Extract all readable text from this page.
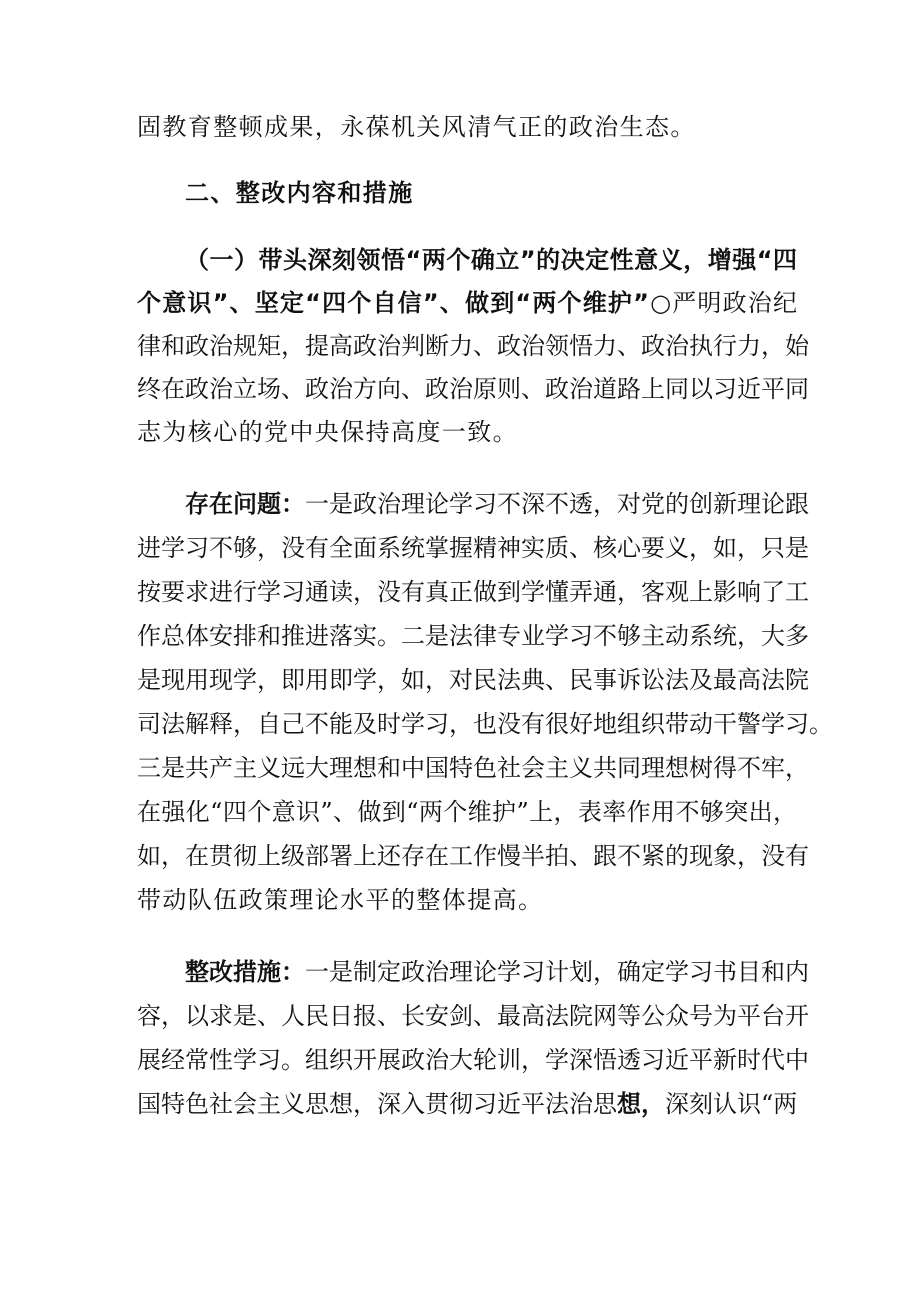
固教育整顿成果，永葆机关风清气正的政治生态。
二、整改内容和措施
（一）带头深刻领悟“两个确立”的决定性意义，增强“四
个意识”、坚定“四个自信”、做到“两个维护”○严明政治纪
律和政治规矩，提高政治判断力、政治领悟力、政治执行力，始
终在政治立场、政治方向、政治原则、政治道路上同以习近平同
志为核心的党中央保持高度一致。
存在问题：一是政治理论学习不深不透，对党的创新理论跟
进学习不够，没有全面系统掌握精神实质、核心要义，如，只是
按要求进行学习通读，没有真正做到学懂弄通，客观上影响了工
作总体安排和推进落实。二是法律专业学习不够主动系统，大多
是现用现学，即用即学，如，对民法典、民事诉讼法及最高法院
司法解释，自己不能及时学习，也没有很好地组织带动干警学习。
三是共产主义远大理想和中国特色社会主义共同理想树得不牢，
在强化“四个意识”、做到“两个维护”上，表率作用不够突出，
如，在贯彻上级部署上还存在工作慢半拍、跟不紧的现象，没有
带动队伍政策理论水平的整体提高。
整改措施：一是制定政治理论学习计划，确定学习书目和内
容，以求是、人民日报、长安剑、最高法院网等公众号为平台开
展经常性学习。组织开展政治大轮训，学深悟透习近平新时代中
国特色社会主义思想，深入贯彻习近平法治思想，深刻认识“两
